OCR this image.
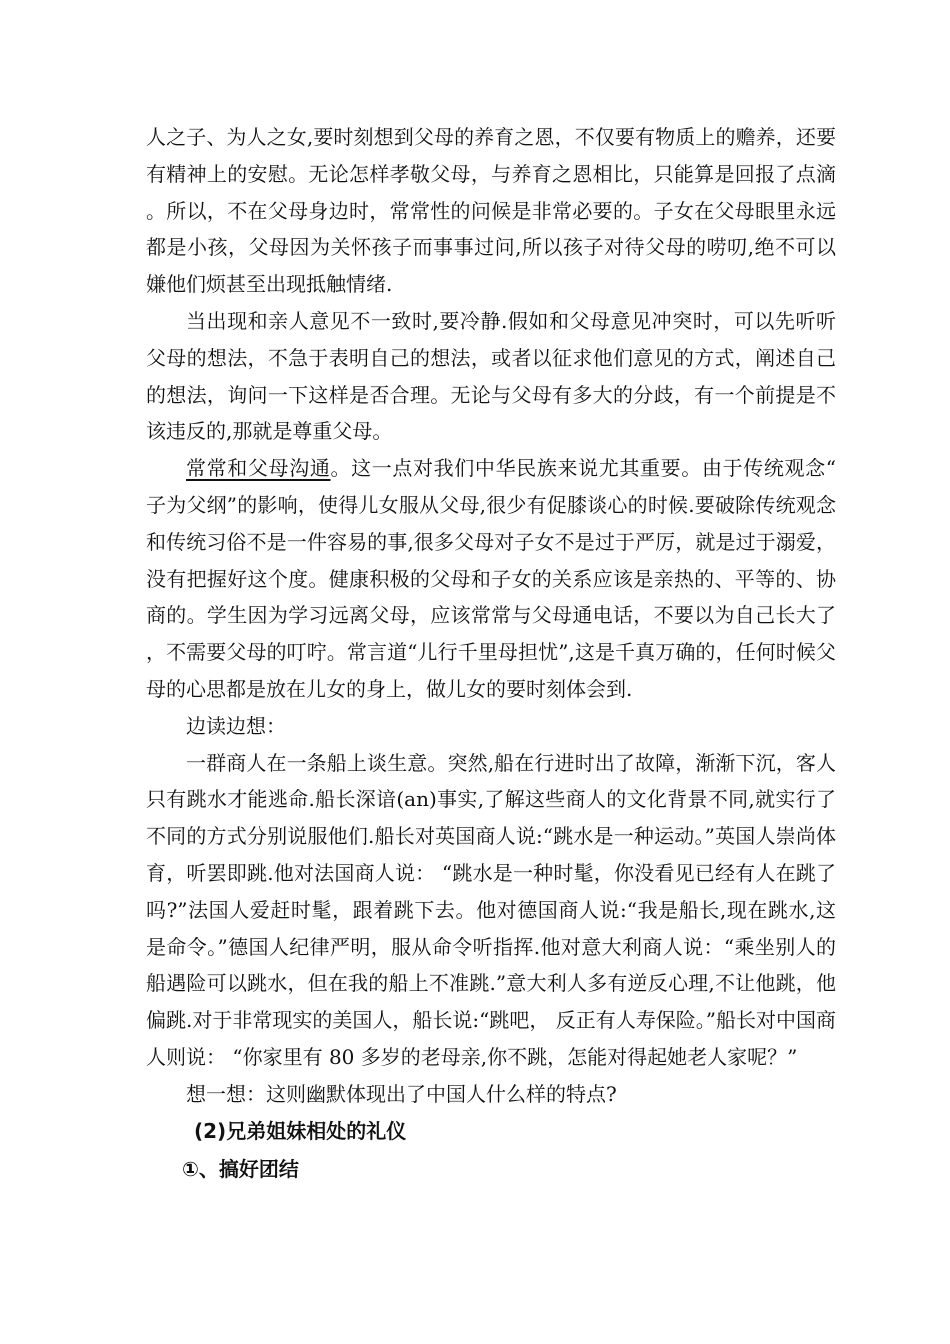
人之子、为人之女,要时刻想到父母的养育之恩，不仅要有物质上的赡养，还要有精神上的安慰。无论怎样孝敬父母，与养育之恩相比，只能算是回报了点滴。所以，不在父母身边时，常常性的问候是非常必要的。子女在父母眼里永远都是小孩，父母因为关怀孩子而事事过问,所以孩子对待父母的唠叨,绝不可以嫌他们烦甚至出现抵触情绪.

当出现和亲人意见不一致时,要冷静.假如和父母意见冲突时，可以先听听父母的想法，不急于表明自己的想法，或者以征求他们意见的方式，阐述自己的想法，询问一下这样是否合理。无论与父母有多大的分歧，有一个前提是不该违反的,那就是尊重父母。

常常和父母沟通。这一点对我们中华民族来说尤其重要。由于传统观念“子为父纲”的影响，使得儿女服从父母,很少有促膝谈心的时候.要破除传统观念和传统习俗不是一件容易的事,很多父母对子女不是过于严厉，就是过于溺爱，没有把握好这个度。健康积极的父母和子女的关系应该是亲热的、平等的、协商的。学生因为学习远离父母，应该常常与父母通电话，不要以为自己长大了，不需要父母的叮咛。常言道“儿行千里母担忧”,这是千真万确的，任何时候父母的心思都是放在儿女的身上，做儿女的要时刻体会到.

边读边想：

一群商人在一条船上谈生意。突然,船在行进时出了故障，渐渐下沉，客人只有跳水才能逃命.船长深谙(an)事实,了解这些商人的文化背景不同,就实行了不同的方式分别说服他们.船长对英国商人说:“跳水是一种运动。”英国人崇尚体育，听罢即跳.他对法国商人说： “跳水是一种时髦，你没看见已经有人在跳了吗?”法国人爱赶时髦，跟着跳下去。他对德国商人说:“我是船长,现在跳水,这是命令。”德国人纪律严明，服从命令听指挥.他对意大利商人说：“乘坐别人的船遇险可以跳水，但在我的船上不准跳.”意大利人多有逆反心理,不让他跳，他偏跳.对于非常现实的美国人，船长说:“跳吧， 反正有人寿保险。”船长对中国商人则说： “你家里有 80 多岁的老母亲,你不跳，怎能对得起她老人家呢？”

想一想：这则幽默体现出了中国人什么样的特点?

(2)兄弟姐妹相处的礼仪

①、搞好团结
